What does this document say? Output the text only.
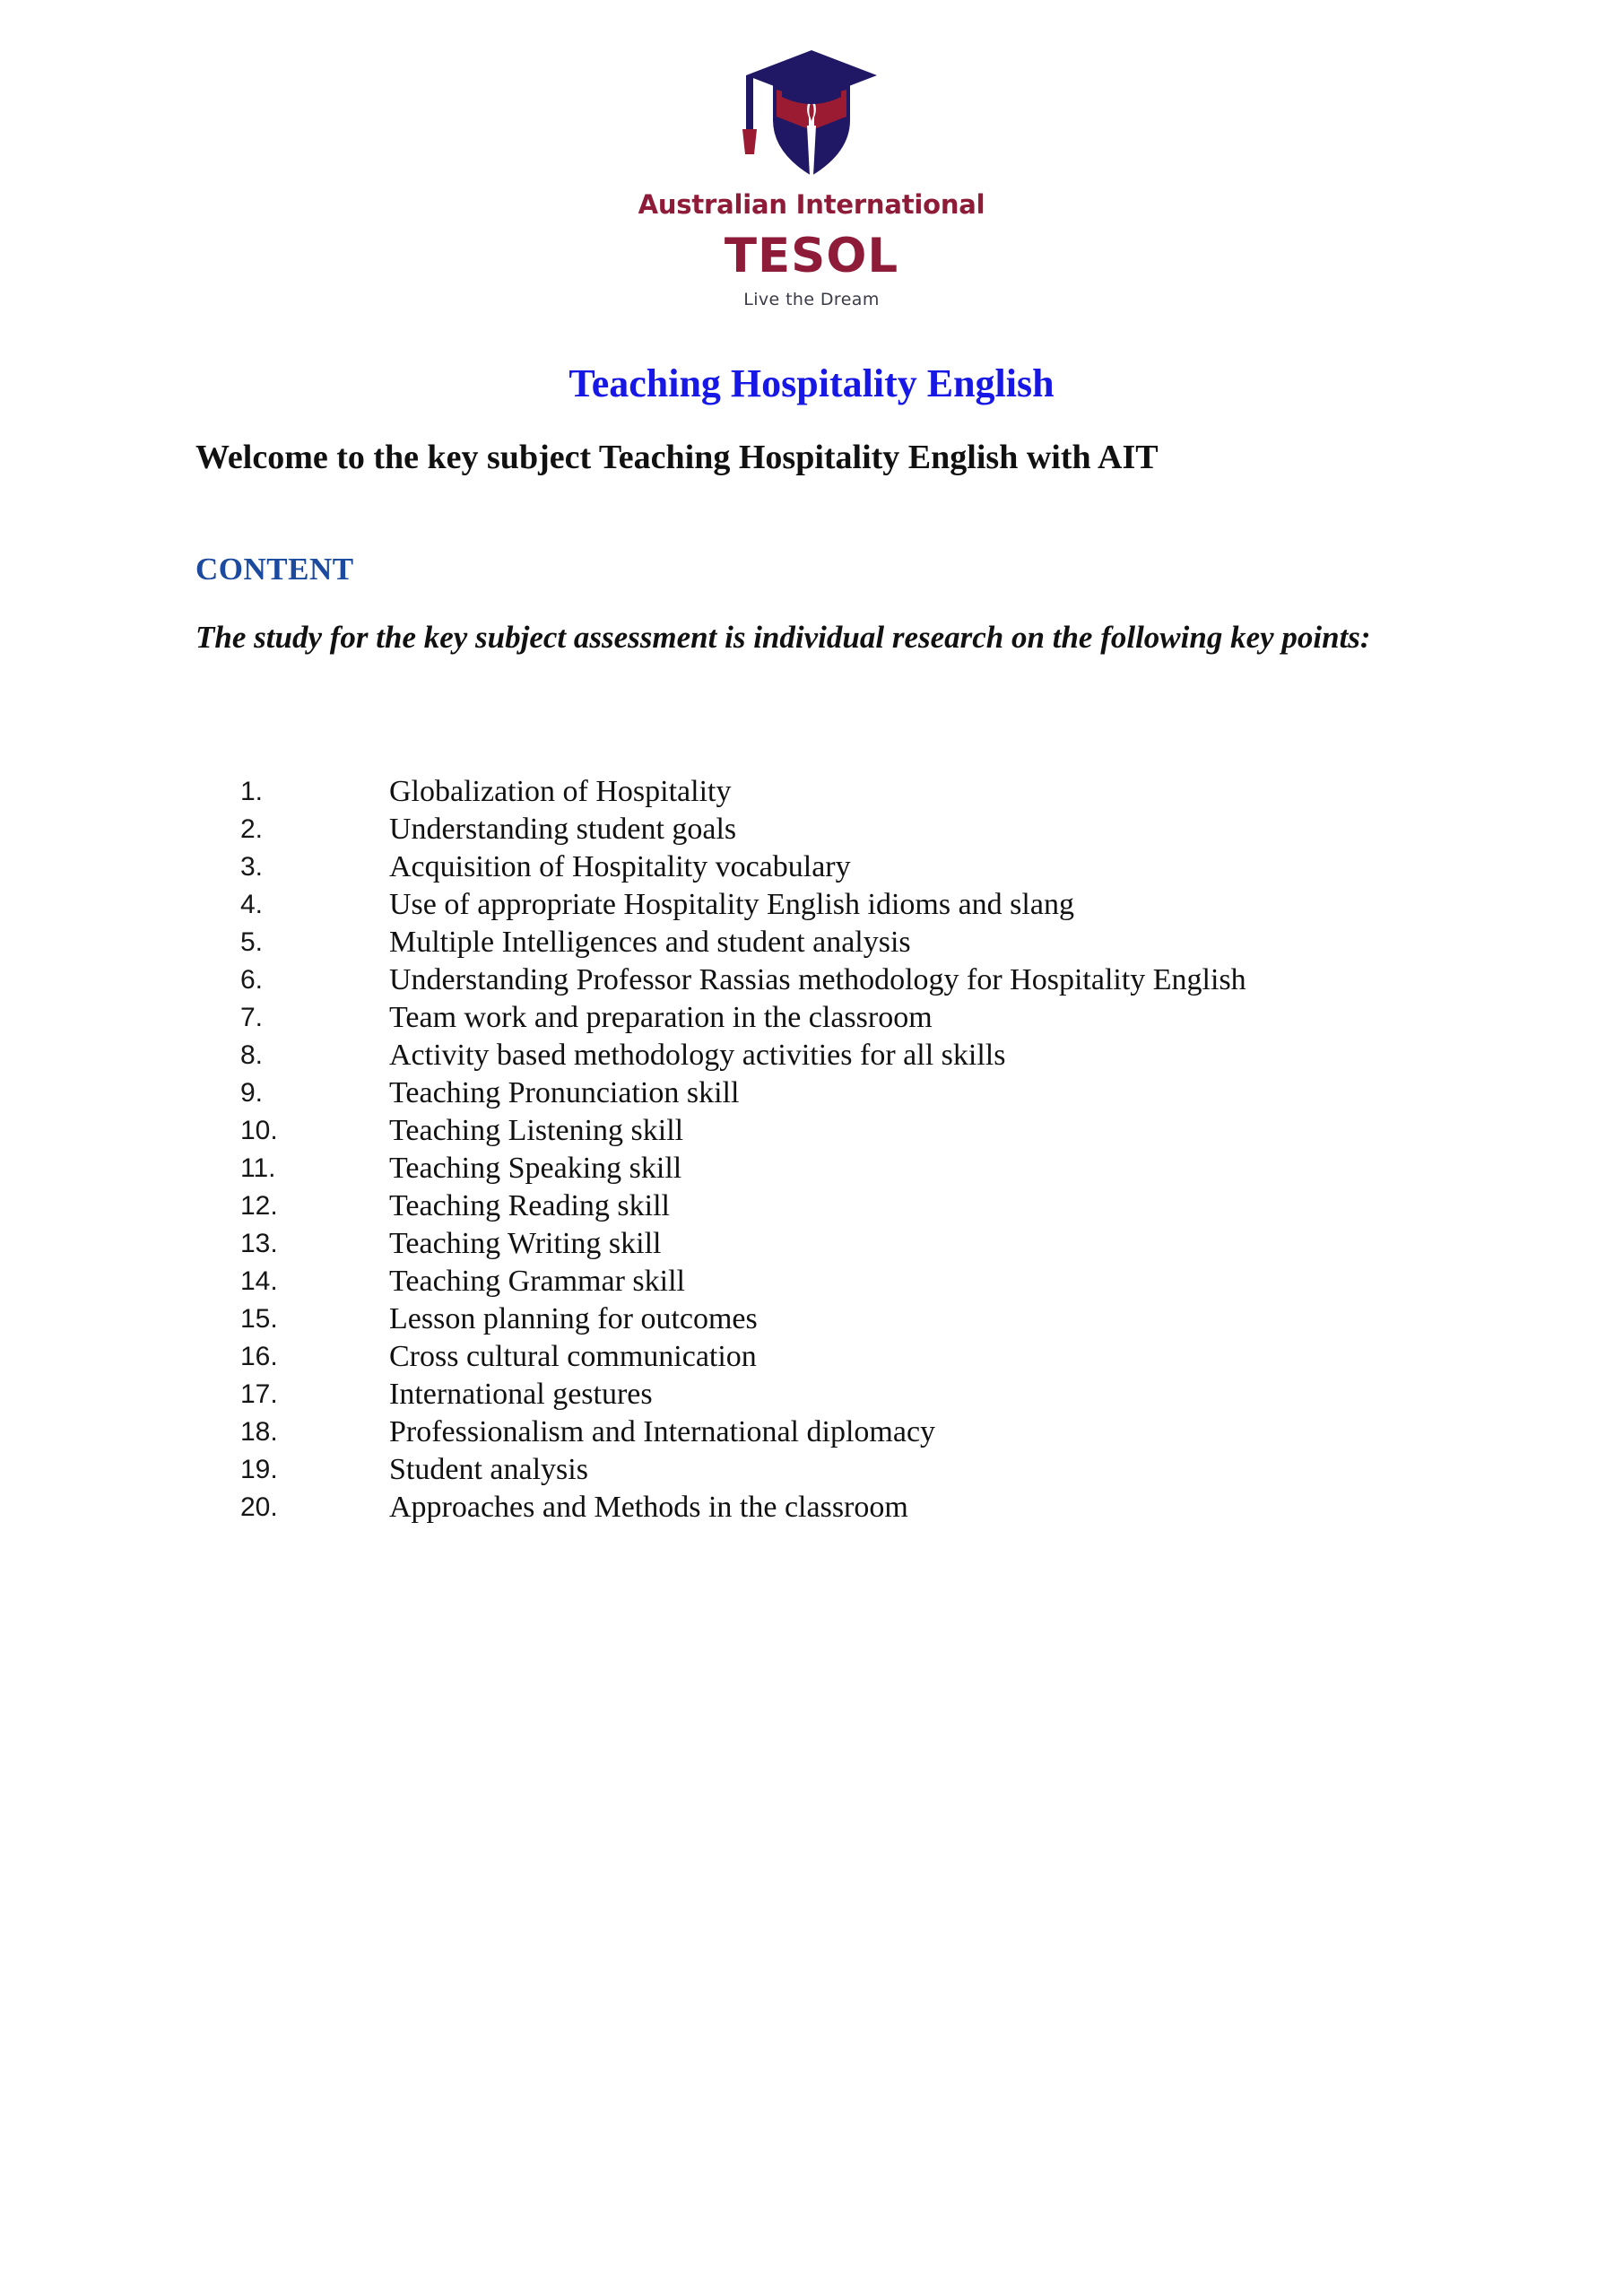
Australian International
TESOL
Live the Dream
Teaching Hospitality English
Welcome to the key subject Teaching Hospitality English with AIT
CONTENT
The study for the key subject assessment is individual research on the following key points:
1.	Globalization of Hospitality
2.	Understanding student goals
3.	Acquisition of Hospitality vocabulary
4.	Use of appropriate Hospitality English idioms and slang
5.	Multiple Intelligences and student analysis
6.	Understanding Professor Rassias methodology for Hospitality English
7.	Team work and preparation in the classroom
8.	Activity based methodology activities for all skills
9.	Teaching Pronunciation skill
10.	Teaching Listening skill
11.	Teaching Speaking skill
12.	Teaching Reading skill
13.	Teaching Writing skill
14.	Teaching Grammar skill
15.	Lesson planning for outcomes
16.	Cross cultural communication
17.	International gestures
18.	Professionalism and International diplomacy
19.	Student analysis
20.	Approaches and Methods in the classroom
